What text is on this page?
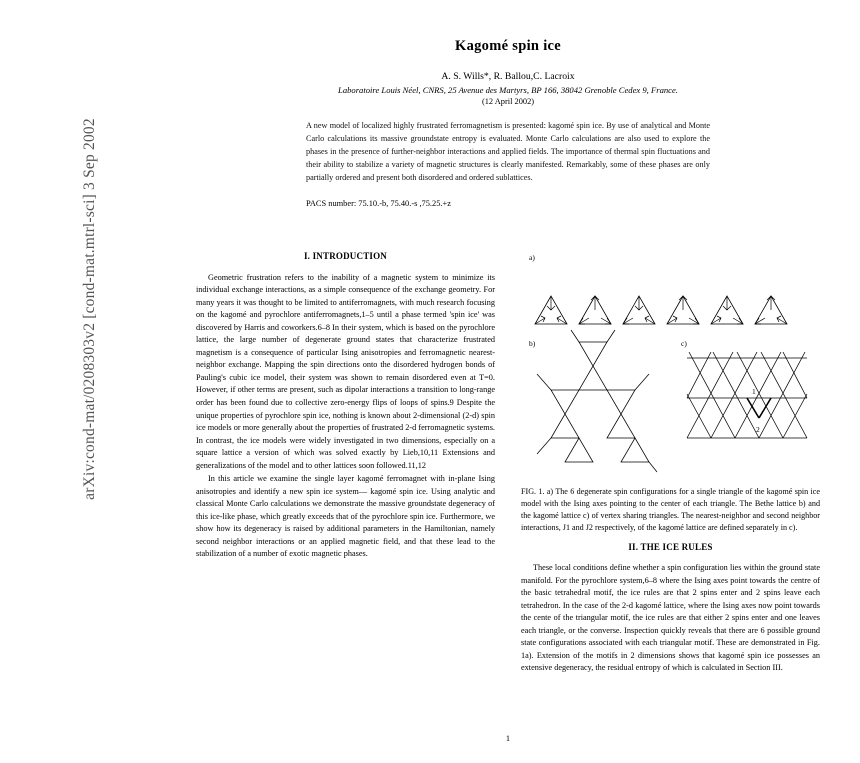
arXiv:cond-mat/0208303v2 [cond-mat.mtrl-sci] 3 Sep 2002
Kagomé spin ice
A. S. Wills*, R. Ballou,C. Lacroix
Laboratoire Louis Néel, CNRS, 25 Avenue des Martyrs, BP 166, 38042 Grenoble Cedex 9, France.
(12 April 2002)
A new model of localized highly frustrated ferromagnetism is presented: kagomé spin ice. By use of analytical and Monte Carlo calculations its massive groundstate entropy is evaluated. Monte Carlo calculations are also used to explore the phases in the presence of further-neighbor interactions and applied fields. The importance of thermal spin fluctuations and their ability to stabilize a variety of magnetic structures is clearly manifested. Remarkably, some of these phases are only partially ordered and present both disordered and ordered sublattices.
PACS number: 75.10.-b, 75.40.-s ,75.25.+z
I. INTRODUCTION

Geometric frustration refers to the inability of a magnetic system to minimize its individual exchange interactions, as a simple consequence of the exchange geometry. For many years it was thought to be limited to antiferromagnets, with much research focusing on the kagomé and pyrochlore antiferromagnets,1–5 until a phase termed 'spin ice' was discovered by Harris and coworkers.6–8 In their system, which is based on the pyrochlore lattice, the large number of degenerate ground states that characterize frustrated magnetism is a consequence of particular Ising anisotropies and ferromagnetic nearest-neighbor exchange. Mapping the spin directions onto the disordered hydrogen bonds of Pauling's cubic ice model, their system was shown to remain disordered even at T=0. However, if other terms are present, such as dipolar interactions a transition to long-range order has been found due to collective zero-energy flips of loops of spins.9 Despite the unique properties of pyrochlore spin ice, nothing is known about 2-dimensional (2-d) spin ice models or more generally about the properties of frustrated 2-d ferromagnetic systems. In contrast, the ice models were widely investigated in two dimensions, especially on a square lattice a version of which was solved exactly by Lieb,10,11 Extensions and generalizations of the model and to other lattices soon followed.11,12

In this article we examine the single layer kagomé ferromagnet with in-plane Ising anisotropies and identify a new spin ice system— kagomé spin ice. Using analytic and classical Monte Carlo calculations we demonstrate the massive groundstate degeneracy of this ice-like phase, which greatly exceeds that of the pyrochlore spin ice. Furthermore, we show how its degeneracy is raised by additional parameters in the Hamiltonian, namely second neighbor interactions or an applied magnetic field, and that these lead to the stabilization of a number of exotic magnetic phases.

a)
b)	c)
1
2
FIG. 1. a) The 6 degenerate spin configurations for a single triangle of the kagomé spin ice model with the Ising axes pointing to the center of each triangle. The Bethe lattice b) and the kagomé lattice c) of vertex sharing triangles. The nearest-neighbor and second neighbor interactions, J1 and J2 respectively, of the kagomé lattice are defined separately in c).
II. THE ICE RULES

These local conditions define whether a spin configuration lies within the ground state manifold. For the pyrochlore system,6–8 where the Ising axes point towards the centre of the basic tetrahedral motif, the ice rules are that 2 spins enter and 2 spins leave each tetrahedron. In the case of the 2-d kagomé lattice, where the Ising axes now point towards the cente of the triangular motif, the ice rules are that either 2 spins enter and one leaves each triangle, or the converse. Inspection quickly reveals that there are 6 possible ground state configurations associated with each triangular motif. These are demonstrated in Fig. 1a). Extension of the motifs in 2 dimensions shows that kagomé spin ice possesses an extensive degeneracy, the residual entropy of which is calculated in Section III.

1
